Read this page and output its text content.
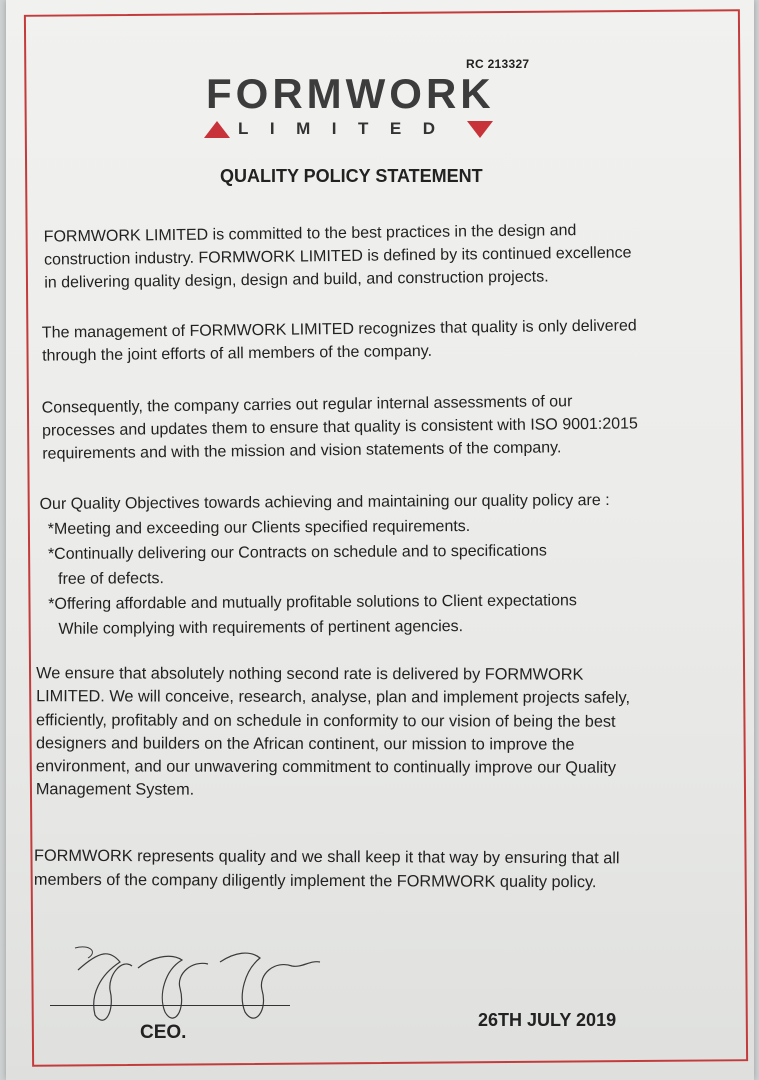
RC 213327
FORMWORK
LIMITED
QUALITY POLICY STATEMENT
FORMWORK LIMITED is committed to the best practices in the design and
construction industry. FORMWORK LIMITED is defined by its continued excellence
in delivering quality design, design and build, and construction projects.
The management of FORMWORK LIMITED recognizes that quality is only delivered
through the joint efforts of all members of the company.
Consequently, the company carries out regular internal assessments of our
processes and updates them to ensure that quality is consistent with ISO 9001:2015
requirements and with the mission and vision statements of the company.
Our Quality Objectives towards achieving and maintaining our quality policy are :
*Meeting and exceeding our Clients specified requirements.
*Continually delivering our Contracts on schedule and to specifications
free of defects.
*Offering affordable and mutually profitable solutions to Client expectations
While complying with requirements of pertinent agencies.
We ensure that absolutely nothing second rate is delivered by FORMWORK
LIMITED. We will conceive, research, analyse, plan and implement projects safely,
efficiently, profitably and on schedule in conformity to our vision of being the best
designers and builders on the African continent, our mission to improve the
environment, and our unwavering commitment to continually improve our Quality
Management System.
FORMWORK represents quality and we shall keep it that way by ensuring that all
members of the company diligently implement the FORMWORK quality policy.
CEO.
26TH JULY 2019
